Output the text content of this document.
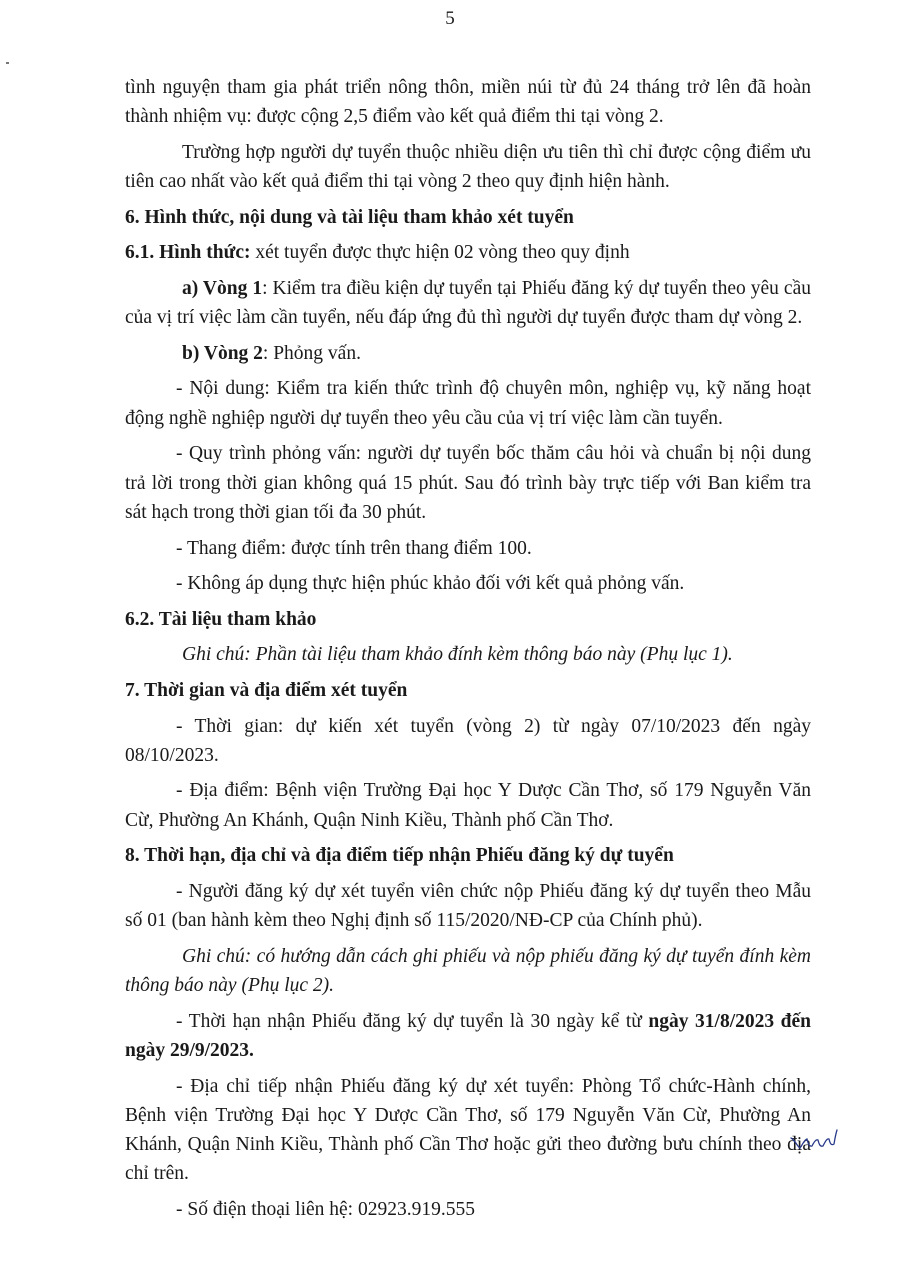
5

tình nguyện tham gia phát triển nông thôn, miền núi từ đủ 24 tháng trở lên đã hoàn thành nhiệm vụ: được cộng 2,5 điểm vào kết quả điểm thi tại vòng 2.

Trường hợp người dự tuyển thuộc nhiều diện ưu tiên thì chỉ được cộng điểm ưu tiên cao nhất vào kết quả điểm thi tại vòng 2 theo quy định hiện hành.

6. Hình thức, nội dung và tài liệu tham khảo xét tuyển

6.1. Hình thức: xét tuyển được thực hiện 02 vòng theo quy định

a) Vòng 1: Kiểm tra điều kiện dự tuyển tại Phiếu đăng ký dự tuyển theo yêu cầu của vị trí việc làm cần tuyển, nếu đáp ứng đủ thì người dự tuyển được tham dự vòng 2.

b) Vòng 2: Phỏng vấn.

- Nội dung: Kiểm tra kiến thức trình độ chuyên môn, nghiệp vụ, kỹ năng hoạt động nghề nghiệp người dự tuyển theo yêu cầu của vị trí việc làm cần tuyển.

- Quy trình phỏng vấn: người dự tuyển bốc thăm câu hỏi và chuẩn bị nội dung trả lời trong thời gian không quá 15 phút. Sau đó trình bày trực tiếp với Ban kiểm tra sát hạch trong thời gian tối đa 30 phút.

- Thang điểm: được tính trên thang điểm 100.

- Không áp dụng thực hiện phúc khảo đối với kết quả phỏng vấn.

6.2. Tài liệu tham khảo

Ghi chú: Phần tài liệu tham khảo đính kèm thông báo này (Phụ lục 1).

7. Thời gian và địa điểm xét tuyển

- Thời gian: dự kiến xét tuyển (vòng 2) từ ngày 07/10/2023 đến ngày 08/10/2023.

- Địa điểm: Bệnh viện Trường Đại học Y Dược Cần Thơ, số 179 Nguyễn Văn Cừ, Phường An Khánh, Quận Ninh Kiều, Thành phố Cần Thơ.

8. Thời hạn, địa chỉ và địa điểm tiếp nhận Phiếu đăng ký dự tuyển

- Người đăng ký dự xét tuyển viên chức nộp Phiếu đăng ký dự tuyển theo Mẫu số 01 (ban hành kèm theo Nghị định số 115/2020/NĐ-CP của Chính phủ).

Ghi chú: có hướng dẫn cách ghi phiếu và nộp phiếu đăng ký dự tuyển đính kèm thông báo này (Phụ lục 2).

- Thời hạn nhận Phiếu đăng ký dự tuyển là 30 ngày kể từ ngày 31/8/2023 đến ngày 29/9/2023.

- Địa chỉ tiếp nhận Phiếu đăng ký dự xét tuyển: Phòng Tổ chức-Hành chính, Bệnh viện Trường Đại học Y Dược Cần Thơ, số 179 Nguyễn Văn Cừ, Phường An Khánh, Quận Ninh Kiều, Thành phố Cần Thơ hoặc gửi theo đường bưu chính theo địa chỉ trên.

- Số điện thoại liên hệ: 02923.919.555
